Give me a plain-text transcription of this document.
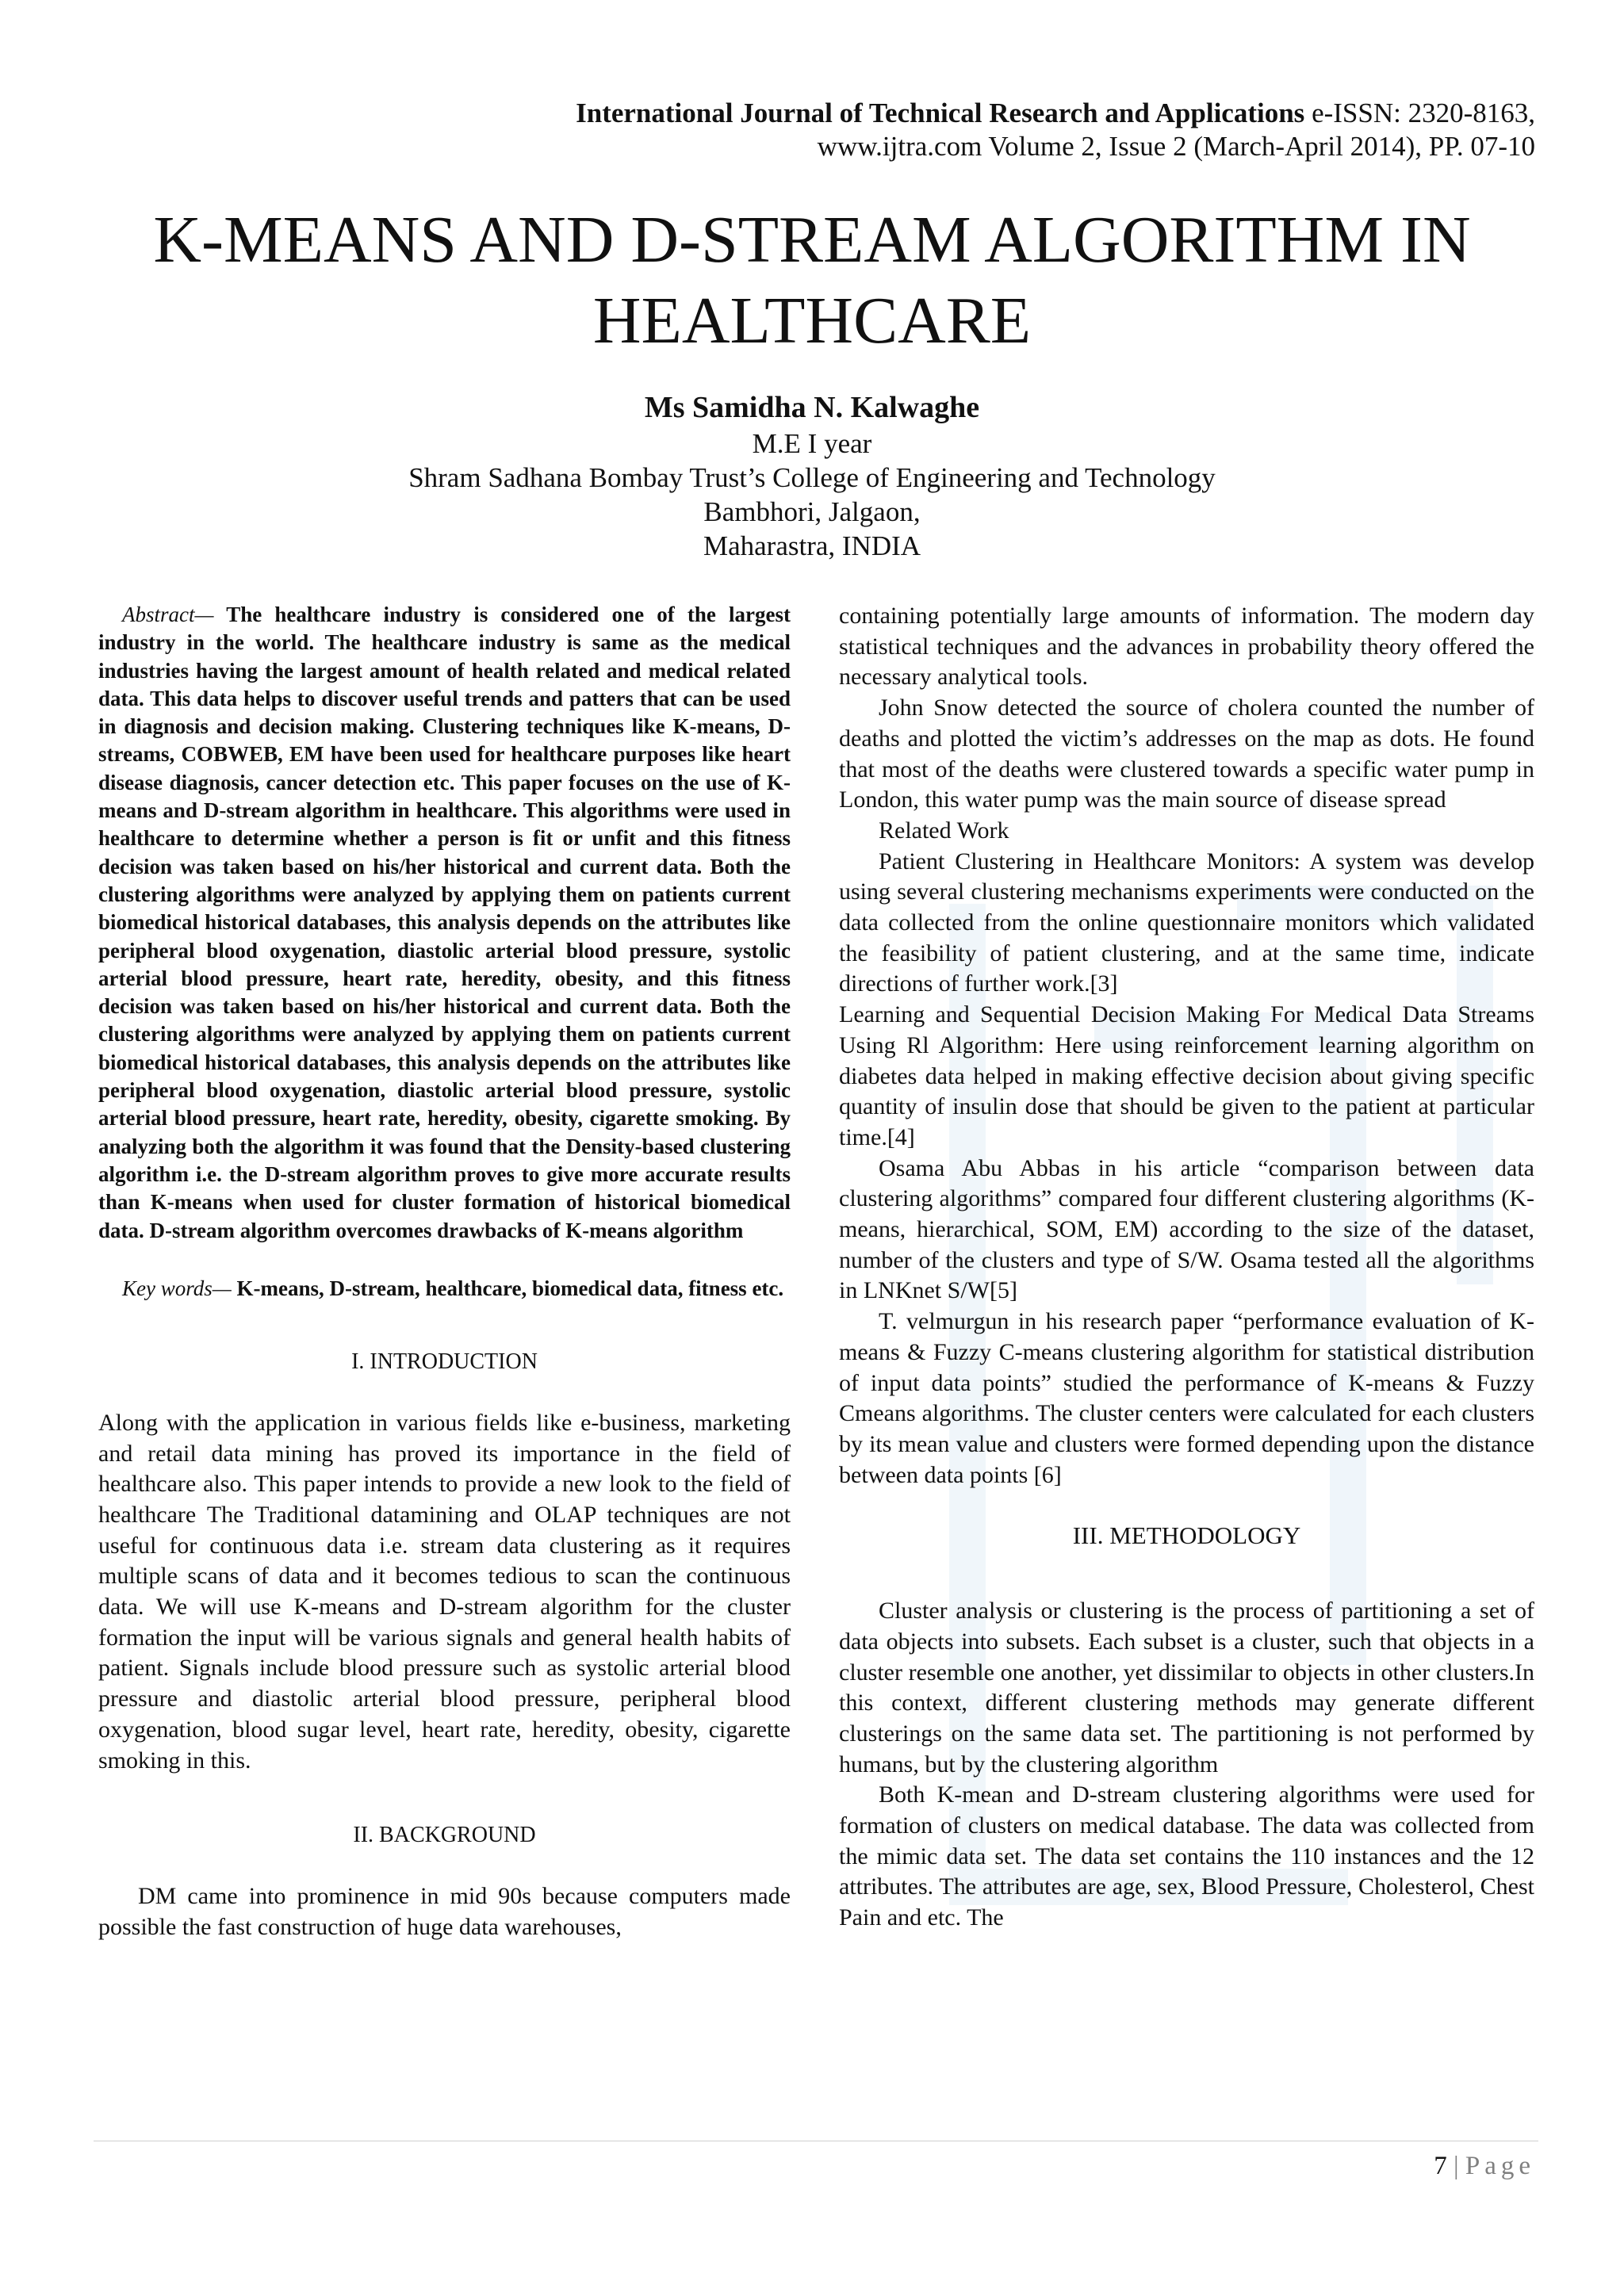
International Journal of Technical Research and Applications e-ISSN: 2320-8163,
www.ijtra.com Volume 2, Issue 2 (March-April 2014), PP. 07-10
K-MEANS AND D-STREAM ALGORITHM IN
HEALTHCARE
Ms Samidha N. Kalwaghe
M.E I year
Shram Sadhana Bombay Trust’s College of Engineering and Technology
Bambhori, Jalgaon,
Maharastra, INDIA

Abstract— The healthcare industry is considered one of the largest industry in the world. The healthcare industry is same as the medical industries having the largest amount of health related and medical related data. This data helps to discover useful trends and patters that can be used in diagnosis and decision making. Clustering techniques like K-means, D-streams, COBWEB, EM have been used for healthcare purposes like heart disease diagnosis, cancer detection etc. This paper focuses on the use of K-means and D-stream algorithm in healthcare. This algorithms were used in healthcare to determine whether a person is fit or unfit and this fitness decision was taken based on his/her historical and current data. Both the clustering algorithms were analyzed by applying them on patients current biomedical historical databases, this analysis depends on the attributes like peripheral blood oxygenation, diastolic arterial blood pressure, systolic arterial blood pressure, heart rate, heredity, obesity, and this fitness decision was taken based on his/her historical and current data. Both the clustering algorithms were analyzed by applying them on patients current biomedical historical databases, this analysis depends on the attributes like peripheral blood oxygenation, diastolic arterial blood pressure, systolic arterial blood pressure, heart rate, heredity, obesity, cigarette smoking. By analyzing both the algorithm it was found that the Density-based clustering algorithm i.e. the D-stream algorithm proves to give more accurate results than K-means when used for cluster formation of historical biomedical data. D-stream algorithm overcomes drawbacks of K-means algorithm

Key words— K-means, D-stream, healthcare, biomedical data, fitness etc.

I. INTRODUCTION

Along with the application in various fields like e-business, marketing and retail data mining has proved its importance in the field of healthcare also. This paper intends to provide a new look to the field of healthcare The Traditional datamining and OLAP techniques are not useful for continuous data i.e. stream data clustering as it requires multiple scans of data and it becomes tedious to scan the continuous data. We will use K-means and D-stream algorithm for the cluster formation the input will be various signals and general health habits of patient. Signals include blood pressure such as systolic arterial blood pressure and diastolic arterial blood pressure, peripheral blood oxygenation, blood sugar level, heart rate, heredity, obesity, cigarette smoking in this.

II. BACKGROUND

DM came into prominence in mid 90s because computers made possible the fast construction of huge data warehouses,

containing potentially large amounts of information. The modern day statistical techniques and the advances in probability theory offered the necessary analytical tools.

John Snow detected the source of cholera counted the number of deaths and plotted the victim’s addresses on the map as dots. He found that most of the deaths were clustered towards a specific water pump in London, this water pump was the main source of disease spread

Related Work

Patient Clustering in Healthcare Monitors: A system was develop using several clustering mechanisms experiments were conducted on the data collected from the online questionnaire monitors which validated the feasibility of patient clustering, and at the same time, indicate directions of further work.[3]

Learning and Sequential Decision Making For Medical Data Streams Using Rl Algorithm: Here using reinforcement learning algorithm on diabetes data helped in making effective decision about giving specific quantity of insulin dose that should be given to the patient at particular time.[4]

Osama Abu Abbas in his article “comparison between data clustering algorithms” compared four different clustering algorithms (K-means, hierarchical, SOM, EM) according to the size of the dataset, number of the clusters and type of S/W. Osama tested all the algorithms in LNKnet S/W[5]

T. velmurgun in his research paper “performance evaluation of K-means & Fuzzy C-means clustering algorithm for statistical distribution of input data points” studied the performance of K-means & Fuzzy Cmeans algorithms. The cluster centers were calculated for each clusters by its mean value and clusters were formed depending upon the distance between data points [6]

III. METHODOLOGY

Cluster analysis or clustering is the process of partitioning a set of data objects into subsets. Each subset is a cluster, such that objects in a cluster resemble one another, yet dissimilar to objects in other clusters.In this context, different clustering methods may generate different clusterings on the same data set. The partitioning is not performed by humans, but by the clustering algorithm

Both K-mean and D-stream clustering algorithms were used for formation of clusters on medical database. The data was collected from the mimic data set. The data set contains the 110 instances and the 12 attributes. The attributes are age, sex, Blood Pressure, Cholesterol, Chest Pain and etc. The

7 | Page
